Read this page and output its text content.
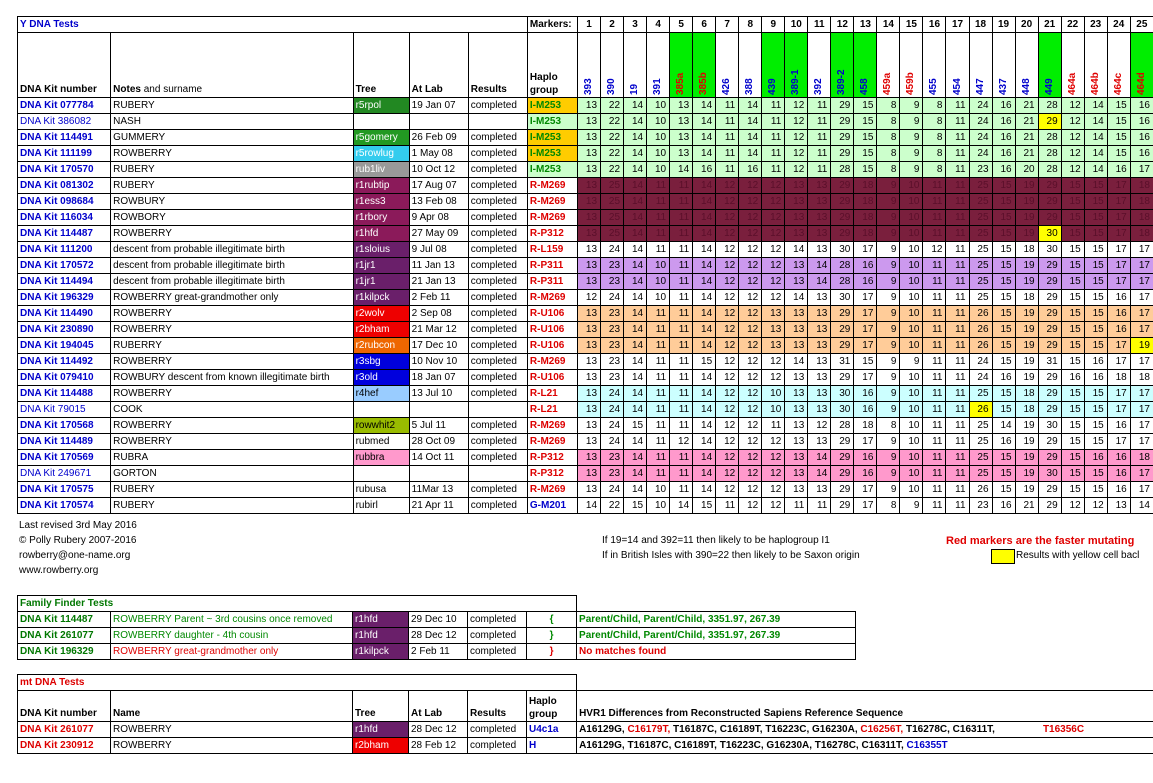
Y DNA Tests					Markers:	1	2	3	4	5	6	7	8	9	10	11	12	13	14	15	16	17	18	19	20	21	22	23	24	25
DNA Kit number	Notes and surname	Tree	At Lab	Results	Haplo
group	393	390	19	391	385a	385b	426	388	439	389-1	392	389-2	458	459a	459b	455	454	447	437	448	449	464a	464b	464c	464d

DNA Kit 077784	RUBERY	r5rpol	19 Jan 07	completed	I-M253	13	22	14	10	13	14	11	14	11	12	11	29	15	8	9	8	11	24	16	21	28	12	14	15	16
DNA Kit 386082	NASH				I-M253	13	22	14	10	13	14	11	14	11	12	11	29	15	8	9	8	11	24	16	21	29	12	14	15	16
DNA Kit 114491	GUMMERY	r5gomery	26 Feb 09	completed	I-M253	13	22	14	10	13	14	11	14	11	12	11	29	15	8	9	8	11	24	16	21	28	12	14	15	16
DNA Kit 111199	ROWBERRY	r5rowlug	1 May 08	completed	I-M253	13	22	14	10	13	14	11	14	11	12	11	29	15	8	9	8	11	24	16	21	28	12	14	15	16
DNA Kit 170570	RUBERY	rub1liv	10 Oct 12	completed	I-M253	13	22	14	10	14	16	11	16	11	12	11	28	15	8	9	8	11	23	16	20	28	12	14	16	17
DNA Kit 081302	RUBERY	r1rubtip	17 Aug 07	completed	R-M269	13	25	14	11	11	14	12	12	12	13	13	29	18	9	10	11	11	25	15	19	29	15	15	17	18
DNA Kit 098684	ROWBURY	r1ess3	13 Feb 08	completed	R-M269	13	25	14	11	11	14	12	12	12	13	13	29	18	9	10	11	11	25	15	19	29	15	15	17	18
DNA Kit 116034	ROWBORY	r1rbory	9 Apr 08	completed	R-M269	13	25	14	11	11	14	12	12	12	13	13	29	18	9	10	11	11	25	15	19	29	15	15	17	18
DNA Kit 114487	ROWBERRY	r1hfd	27 May 09	completed	R-P312	13	25	14	11	11	14	12	12	12	13	13	29	18	9	10	11	11	25	15	19	30	15	15	17	18
DNA Kit 111200	descent from probable illegitimate birth	r1sloius	9 Jul 08	completed	R-L159	13	24	14	11	11	14	12	12	12	14	13	30	17	9	10	12	11	25	15	18	30	15	15	17	17
DNA Kit 170572	descent from probable illegitimate birth	r1jr1	11 Jan 13	completed	R-P311	13	23	14	10	11	14	12	12	12	13	14	28	16	9	10	11	11	25	15	19	29	15	15	17	17
DNA Kit 114494	descent from probable illegitimate birth	r1jr1	21 Jan 13	completed	R-P311	13	23	14	10	11	14	12	12	12	13	14	28	16	9	10	11	11	25	15	19	29	15	15	17	17
DNA Kit 196329	ROWBERRY great-grandmother only	r1kilpck	2 Feb 11	completed	R-M269	12	24	14	10	11	14	12	12	12	14	13	30	17	9	10	11	11	25	15	18	29	15	15	16	17
DNA Kit 114490	ROWBERRY	r2wolv	2 Sep 08	completed	R-U106	13	23	14	11	11	14	12	12	13	13	13	29	17	9	10	11	11	26	15	19	29	15	15	16	17
DNA Kit 230890	ROWBERRY	r2bham	21 Mar 12	completed	R-U106	13	23	14	11	11	14	12	12	13	13	13	29	17	9	10	11	11	26	15	19	29	15	15	16	17
DNA Kit 194045	RUBERRY	r2rubcon	17 Dec 10	completed	R-U106	13	23	14	11	11	14	12	12	13	13	13	29	17	9	10	11	11	26	15	19	29	15	15	17	19
DNA Kit 114492	ROWBERRY	r3sbg	10 Nov 10	completed	R-M269	13	23	14	11	11	15	12	12	12	14	13	31	15	9	9	11	11	24	15	19	31	15	16	17	17
DNA Kit 079410	ROWBURY descent from known illegitimate birth	r3old	18 Jan 07	completed	R-U106	13	23	14	11	11	14	12	12	12	13	13	29	17	9	10	11	11	24	16	19	29	16	16	18	18
DNA Kit 114488	ROWBERRY	r4hef	13 Jul 10	completed	R-L21	13	24	14	11	11	14	12	12	10	13	13	30	16	9	10	11	11	25	15	18	29	15	15	17	17
DNA Kit 79015	COOK				R-L21	13	24	14	11	11	14	12	12	10	13	13	30	16	9	10	11	11	26	15	18	29	15	15	17	17
DNA Kit 170568	ROWBERRY	rowwhit2	5 Jul 11	completed	R-M269	13	24	15	11	11	14	12	12	11	13	12	28	18	8	10	11	11	25	14	19	30	15	15	16	17
DNA Kit 114489	ROWBERRY	rubmed	28 Oct 09	completed	R-M269	13	24	14	11	12	14	12	12	12	13	13	29	17	9	10	11	11	25	16	19	29	15	15	17	17
DNA Kit 170569	RUBRA	rubbra	14 Oct 11	completed	R-P312	13	23	14	11	11	14	12	12	12	13	14	29	16	9	10	11	11	25	15	19	29	15	16	16	18
DNA Kit 249671	GORTON				R-P312	13	23	14	11	11	14	12	12	12	13	14	29	16	9	10	11	11	25	15	19	30	15	15	16	17
DNA Kit 170575	RUBERY	rubusa	11Mar 13	completed	R-M269	13	24	14	10	11	14	12	12	12	13	13	29	17	9	10	11	11	26	15	19	29	15	15	16	17
DNA Kit 170574	RUBERY	rubirl	21 Apr 11	completed	G-M201	14	22	15	10	14	15	11	12	12	11	11	29	17	8	9	11	11	23	16	21	29	12	12	13	14
Last revised 3rd May 2016
© Polly Rubery 2007-2016
rowberry@one-name.org
www.rowberry.org
If 19=14 and 392=11 then likely to be haplogroup I1
If in British Isles with 390=22 then likely to be Saxon origin
Red markers are the faster mutating
Results with yellow cell bacl
Family Finder Tests						
DNA Kit 114487	ROWBERRY Parent ~ 3rd cousins once removed	r1hfd	29 Dec 10	completed	{	Parent/Child, Parent/Child, 3351.97, 267.39
DNA Kit 261077	ROWBERRY daughter - 4th cousin	r1hfd	28 Dec 12	completed	}	Parent/Child, Parent/Child, 3351.97, 267.39
DNA Kit 196329	ROWBERRY great-grandmother only	r1kilpck	2 Feb 11	completed	}	No matches found
mt DNA Tests						
DNA Kit number	Name	Tree	At Lab	Results	Haplo
group	HVR1 Differences from Reconstructed Sapiens Reference Sequence
DNA Kit 261077	ROWBERRY	r1hfd	28 Dec 12	completed	U4c1a	A16129G, C16179T, T16187C, C16189T, T16223C, G16230A, C16256T, T16278C, C16311T, T16356C
DNA Kit 230912	ROWBERRY	r2bham	28 Feb 12	completed	H	A16129G, T16187C, C16189T, T16223C, G16230A, T16278C, C16311T, C16355T
